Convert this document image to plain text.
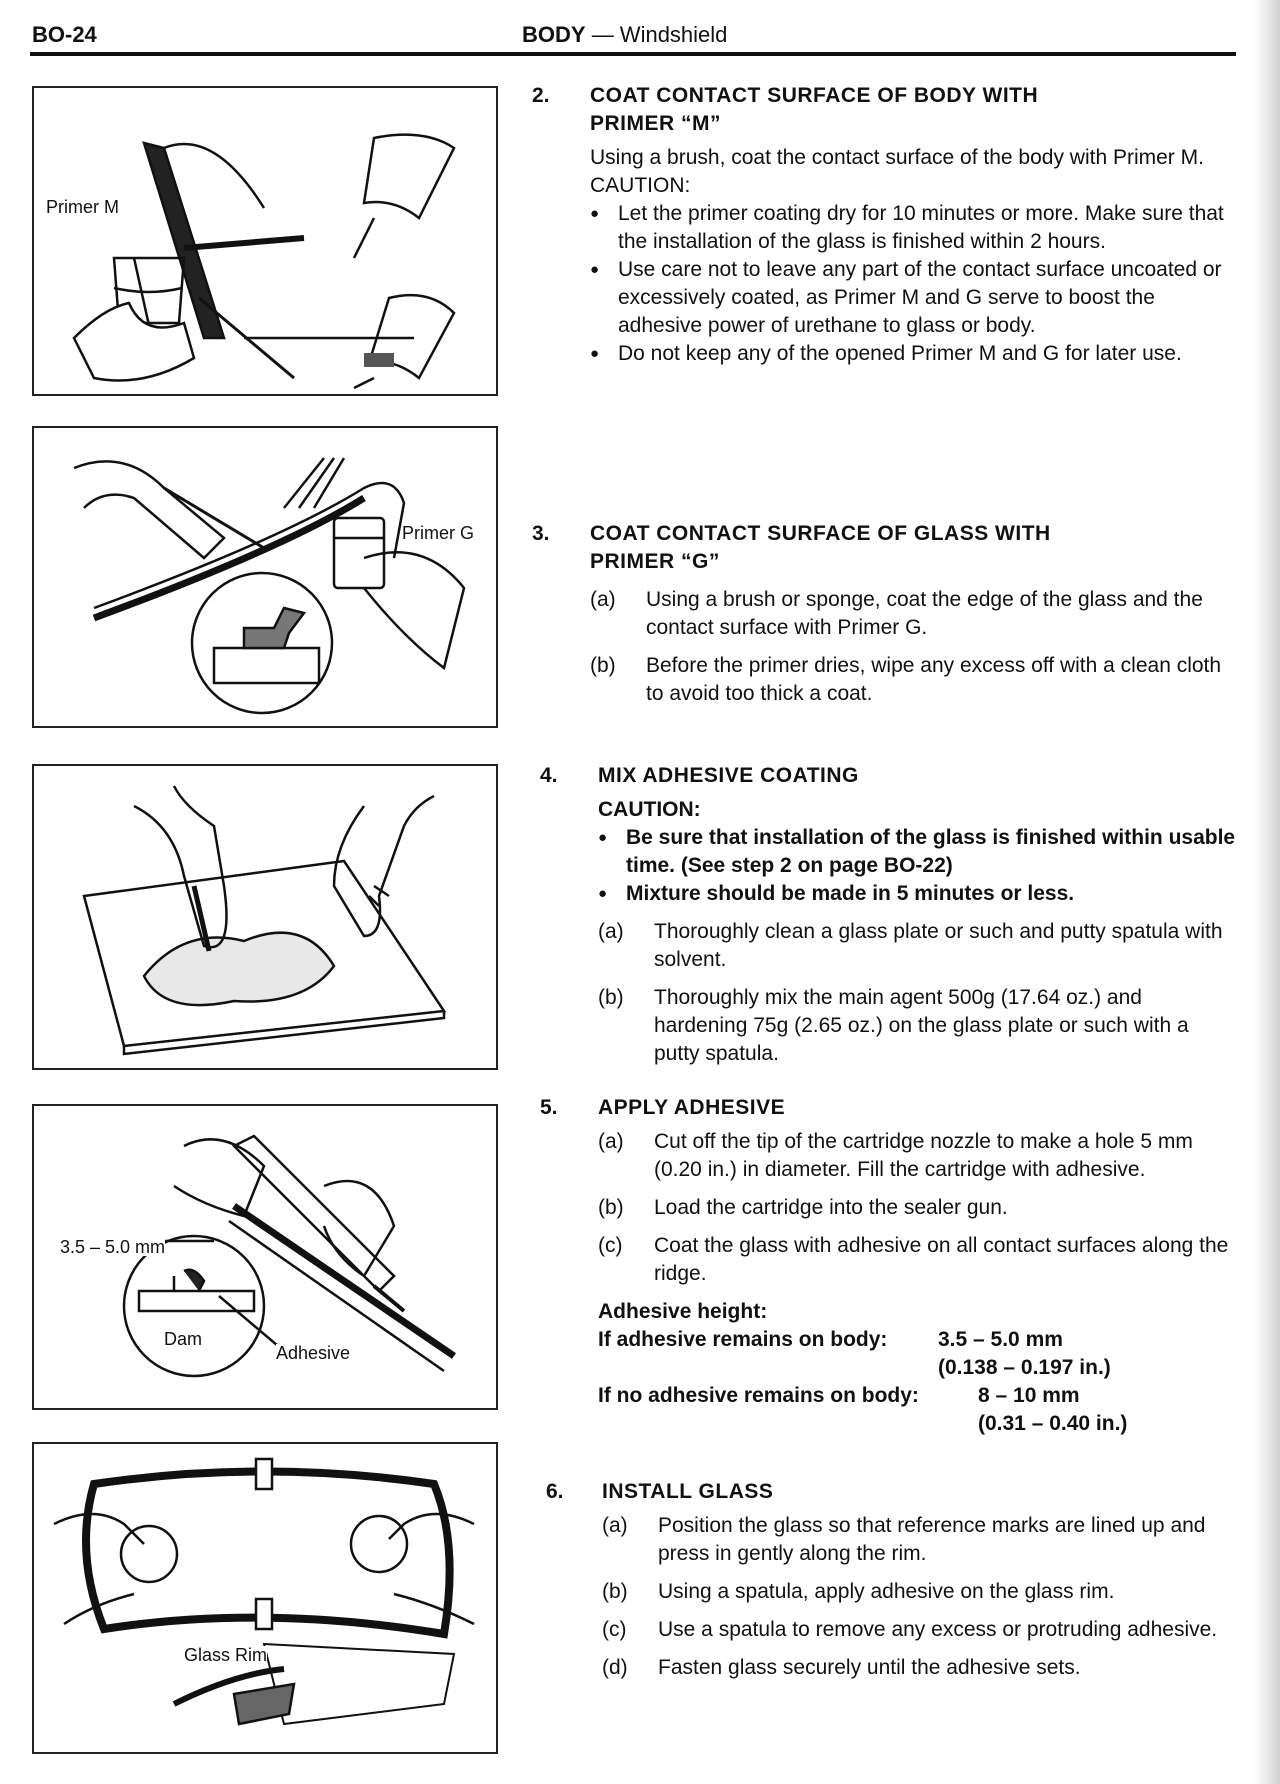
BO-24	BODY — Windshield
Primer M
Primer G
3.5 – 5.0 mm
Dam
Adhesive
Glass Rim
2. COAT CONTACT SURFACE OF BODY WITH
PRIMER “M”

Using a brush, coat the contact surface of the body with Primer M.

CAUTION:
● Let the primer coating dry for 10 minutes or more. Make sure that the installation of the glass is finished within 2 hours.
● Use care not to leave any part of the contact surface uncoated or excessively coated, as Primer M and G serve to boost the adhesive power of urethane to glass or body.
● Do not keep any of the opened Primer M and G for later use.
3. COAT CONTACT SURFACE OF GLASS WITH
PRIMER “G”
(a) Using a brush or sponge, coat the edge of the glass and the contact surface with Primer G.
(b) Before the primer dries, wipe any excess off with a clean cloth to avoid too thick a coat.
4. MIX ADHESIVE COATING
CAUTION:
● Be sure that installation of the glass is finished within usable time. (See step 2 on page BO-22)
● Mixture should be made in 5 minutes or less.
(a) Thoroughly clean a glass plate or such and putty spatula with solvent.
(b) Thoroughly mix the main agent 500g (17.64 oz.) and hardening 75g (2.65 oz.) on the glass plate or such with a putty spatula.
5. APPLY ADHESIVE
(a) Cut off the tip of the cartridge nozzle to make a hole 5 mm (0.20 in.) in diameter. Fill the cartridge with adhesive.
(b) Load the cartridge into the sealer gun.
(c) Coat the glass with adhesive on all contact surfaces along the ridge.
Adhesive height:
If adhesive remains on body:	3.5 – 5.0 mm
(0.138 – 0.197 in.)
If no adhesive remains on body:	8 – 10 mm
(0.31 – 0.40 in.)
6. INSTALL GLASS
(a) Position the glass so that reference marks are lined up and press in gently along the rim.
(b) Using a spatula, apply adhesive on the glass rim.
(c) Use a spatula to remove any excess or protruding adhesive.
(d) Fasten glass securely until the adhesive sets.
